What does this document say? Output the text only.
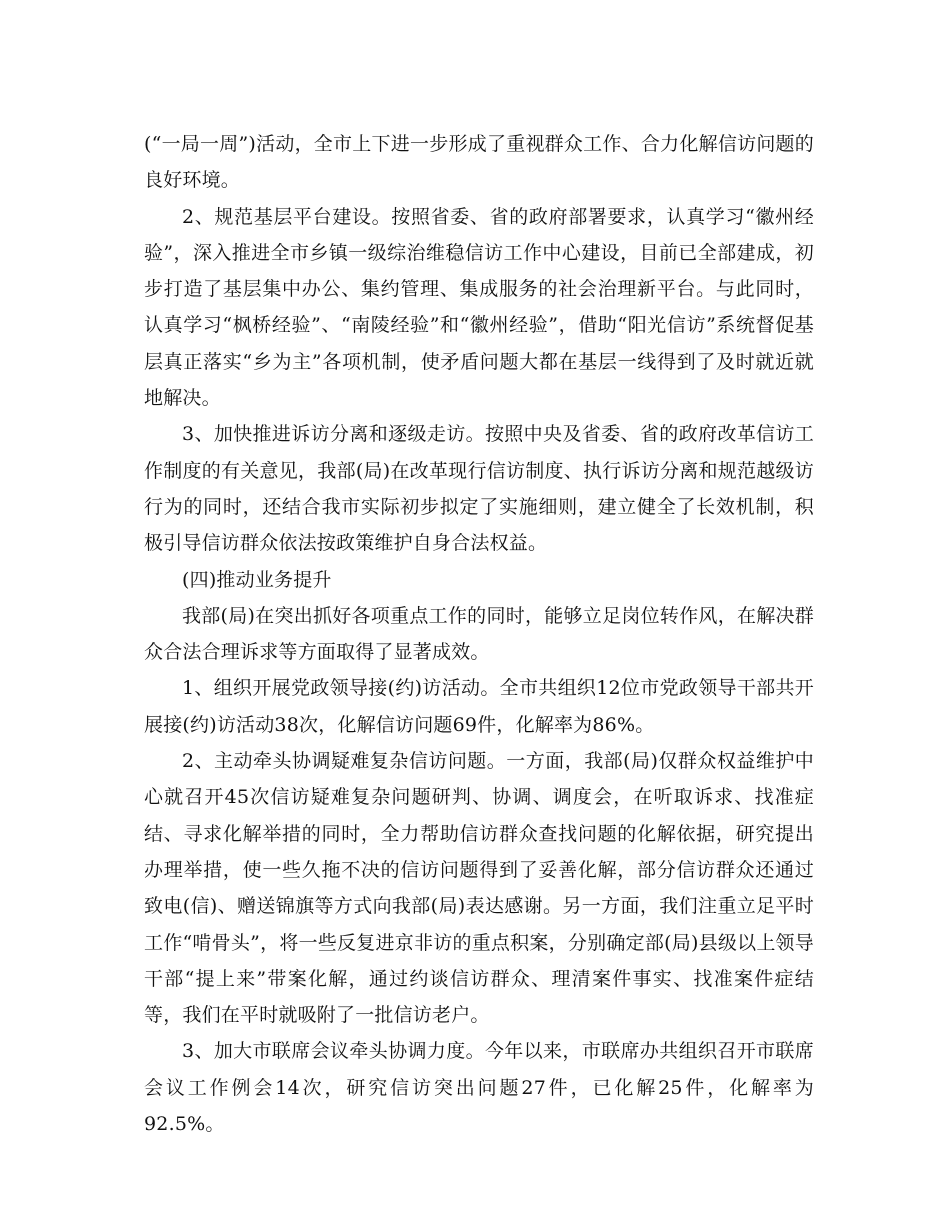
(“一局一周”)活动，全市上下进一步形成了重视群众工作、合力化解信访问题的良好环境。

2、规范基层平台建设。按照省委、省的政府部署要求，认真学习“徽州经验”，深入推进全市乡镇一级综治维稳信访工作中心建设，目前已全部建成，初步打造了基层集中办公、集约管理、集成服务的社会治理新平台。与此同时，认真学习“枫桥经验”、“南陵经验”和“徽州经验”，借助“阳光信访”系统督促基层真正落实“乡为主”各项机制，使矛盾问题大都在基层一线得到了及时就近就地解决。

3、加快推进诉访分离和逐级走访。按照中央及省委、省的政府改革信访工作制度的有关意见，我部(局)在改革现行信访制度、执行诉访分离和规范越级访行为的同时，还结合我市实际初步拟定了实施细则，建立健全了长效机制，积极引导信访群众依法按政策维护自身合法权益。

(四)推动业务提升

我部(局)在突出抓好各项重点工作的同时，能够立足岗位转作风，在解决群众合法合理诉求等方面取得了显著成效。

1、组织开展党政领导接(约)访活动。全市共组织12位市党政领导干部共开展接(约)访活动38次，化解信访问题69件，化解率为86%。

2、主动牵头协调疑难复杂信访问题。一方面，我部(局)仅群众权益维护中心就召开45次信访疑难复杂问题研判、协调、调度会，在听取诉求、找准症结、寻求化解举措的同时，全力帮助信访群众查找问题的化解依据，研究提出办理举措，使一些久拖不决的信访问题得到了妥善化解，部分信访群众还通过致电(信)、赠送锦旗等方式向我部(局)表达感谢。另一方面，我们注重立足平时工作“啃骨头”，将一些反复进京非访的重点积案，分别确定部(局)县级以上领导干部“提上来”带案化解，通过约谈信访群众、理清案件事实、找准案件症结等，我们在平时就吸附了一批信访老户。

3、加大市联席会议牵头协调力度。今年以来，市联席办共组织召开市联席会议工作例会14次，研究信访突出问题27件，已化解25件，化解率为92.5%。
